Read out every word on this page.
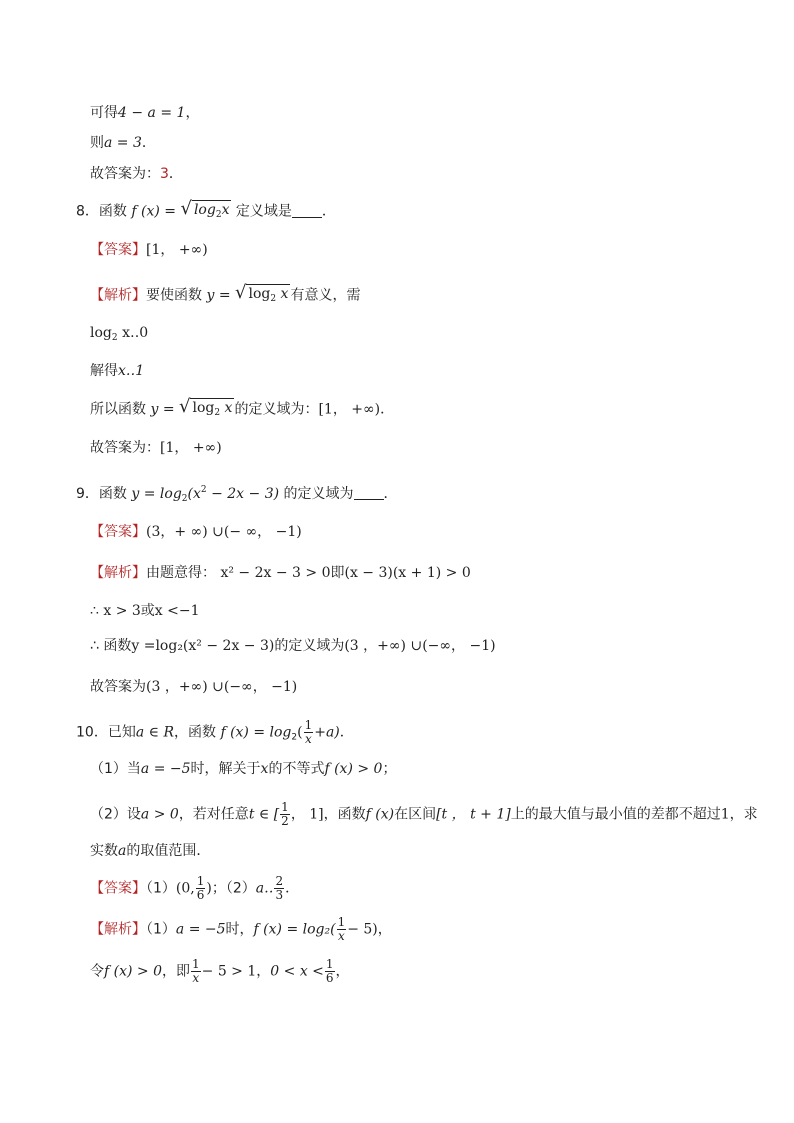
可得4 − a = 1，
则a = 3．
故答案为：3．
8．函数 f (x) = √ $\log_2x$ 定义域是 ．
【答案】[1， +∞)
【解析】要使函数 y = √ $\log_2 x$ 有意义，需
$\log_2$ x‥0
解得x‥1
所以函数 y = √ $\log_2 x$ 的定义域为：[1， +∞)．
故答案为：[1， +∞)
9．函数 $y = \log_2(x^2 - 2x - 3)$ 的定义域为 ．
【答案】(3，+ ∞) ∪(− ∞， −1)
【解析】由题意得： x² − 2x − 3 > 0即(x − 3)(x + 1) > 0
∴ x > 3或x <−1
∴ 函数y =log₂(x² − 2x − 3)的定义域为(3 ，+∞) ∪(−∞， −1)
故答案为(3 ，+∞) ∪(−∞， −1)
10．已知a ∈ R，函数 f $(x) = \log_2( \frac{1}{x} +a)$．
（1）当a = −5时，解关于x的不等式f (x) > 0；
（2）设a > 0，若对任意t ∈ [ $\frac{1}{2}$ ， 1]，函数f (x)在区间[t ， t + 1]上的最大值与最小值的差都不超过1，求
实数a的取值范围．
【答案】（1）(0, $\frac{1}{6}$ )；（2）a‥ $\frac{2}{3}$ ．
【解析】（1）a = −5时，f $(x) = \log_2( \frac{1}{x} - 5)$，
令f (x) > 0，即 $\frac{1}{x} - 5 > 1$，$0 < x < \frac{1}{6}$ ，
